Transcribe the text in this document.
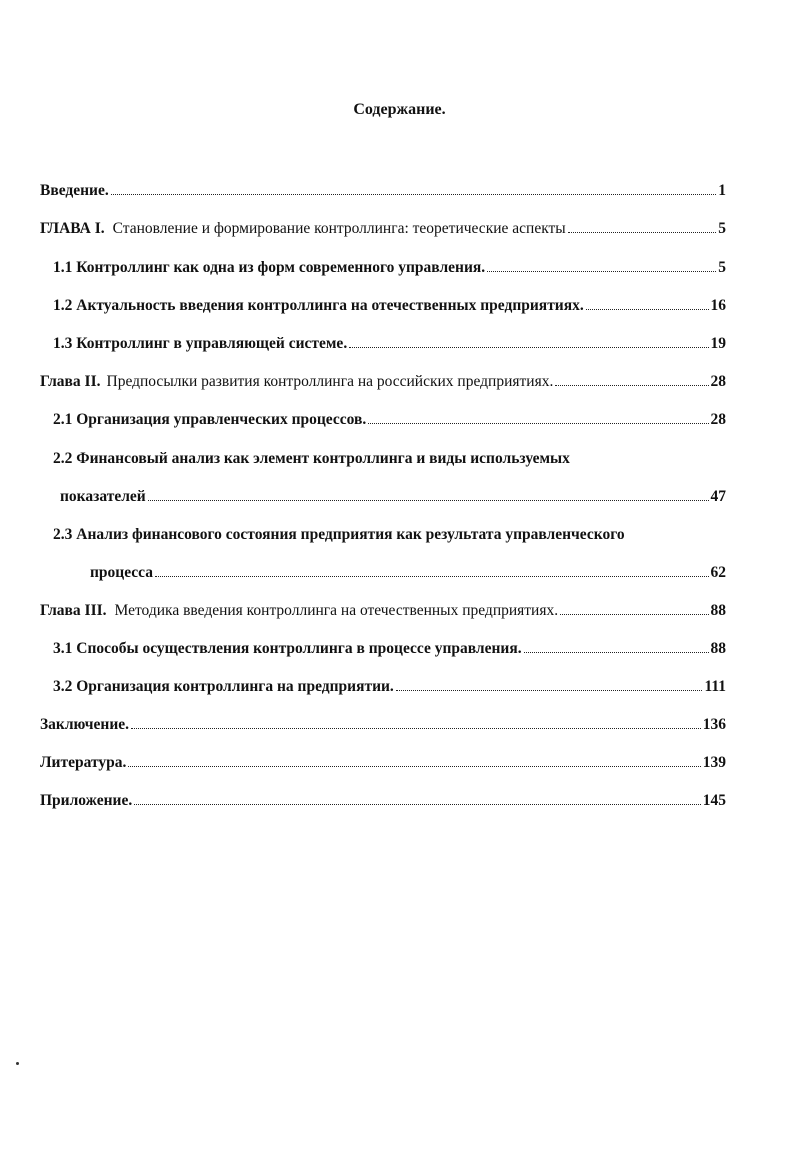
Содержание.
Введение.	1
ГЛАВА I. Становление и формирование контроллинга: теоретические аспекты	5
1.1 Контроллинг как одна из форм современного управления.	5
1.2 Актуальность введения контроллинга на отечественных предприятиях.	16
1.3 Контроллинг в управляющей системе.	19
Глава II. Предпосылки развития контроллинга на российских предприятиях.	28
2.1 Организация управленческих процессов.	28
2.2 Финансовый анализ как элемент контроллинга и виды используемых
показателей	47
2.3 Анализ финансового состояния предприятия как результата управленческого
процесса	62
Глава III. Методика введения контроллинга на отечественных предприятиях.	88
3.1 Способы осуществления контроллинга в процессе управления.	88
3.2 Организация контроллинга на предприятии.	111
Заключение.	136
Литература.	139
Приложение.	145
